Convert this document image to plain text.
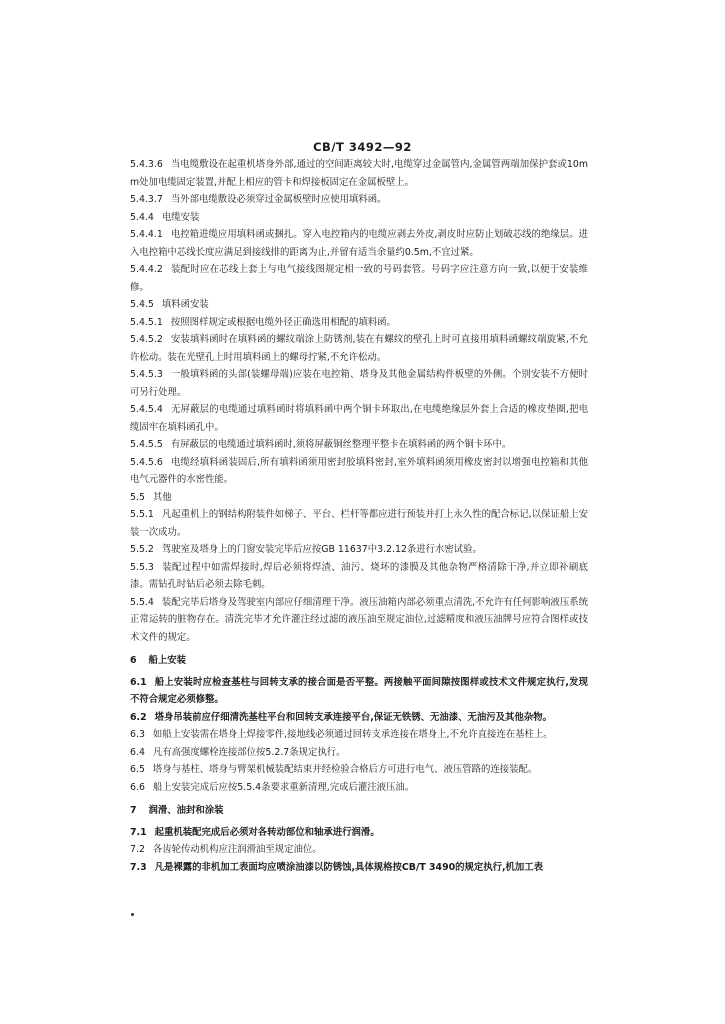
CB/T 3492—92
5.4.3.6 当电缆敷设在起重机塔身外部,通过的空间距离较大时,电缆穿过金属管内,金属管两端加保护套或10mm处加电缆固定装置,并配上相应的管卡和焊接板固定在金属板壁上。
5.4.3.7 当外部电缆敷设必须穿过金属板壁时应使用填料函。
5.4.4 电缆安装
5.4.4.1 电控箱进缆应用填料函或捆扎。穿入电控箱内的电缆应剥去外皮,剥皮时应防止划破芯线的绝缘层。进入电控箱中芯线长度应满足到接线排的距离为止,并留有适当余量约0.5m,不宜过紧。
5.4.4.2 装配时应在芯线上套上与电气接线图规定相一致的号码套管。号码字应注意方向一致,以便于安装维修。
5.4.5 填料函安装
5.4.5.1 按照图样规定或根据电缆外径正确选用相配的填料函。
5.4.5.2 安装填料函时在填料函的螺纹端涂上防锈剂,装在有螺纹的壁孔上时可直接用填料函螺纹端旋紧,不允许松动。装在光壁孔上时用填料函上的螺母拧紧,不允许松动。
5.4.5.3 一般填料函的头部(装螺母端)应装在电控箱、塔身及其他金属结构件板壁的外侧。个别安装不方便时可另行处理。
5.4.5.4 无屏蔽层的电缆通过填料函时将填料函中两个铜卡环取出,在电缆绝缘层外套上合适的橡皮垫圈,把电缆固牢在填料函孔中。
5.4.5.5 有屏蔽层的电缆通过填料函时,须将屏蔽铜丝整理平整卡在填料函的两个铜卡环中。
5.4.5.6 电缆经填料函装固后,所有填料函须用密封胶填料密封,室外填料函须用橡皮密封以增强电控箱和其他电气元器件的水密性能。
5.5 其他
5.5.1 凡起重机上的钢结构附装件如梯子、平台、栏杆等都应进行预装并打上永久性的配合标记,以保证船上安装一次成功。
5.5.2 驾驶室及塔身上的门窗安装完毕后应按GB 11637中3.2.12条进行水密试验。
5.5.3 装配过程中如需焊接时,焊后必须将焊渣、油污、烧坏的漆膜及其他杂物严格清除干净,并立即补刷底漆。需钻孔时钻后必须去除毛刺。
5.5.4 装配完毕后塔身及驾驶室内部应仔细清理干净。液压油箱内部必须重点清洗,不允许有任何影响液压系统正常运转的脏物存在。清洗完毕才允许灌注经过滤的液压油至规定油位,过滤精度和液压油牌号应符合图样或技术文件的规定。
6 船上安装
6.1 船上安装时应检查基柱与回转支承的接合面是否平整。两接触平面间隙按图样或技术文件规定执行,发现不符合规定必须修整。
6.2 塔身吊装前应仔细清洗基柱平台和回转支承连接平台,保证无铁锈、无油漆、无油污及其他杂物。
6.3 如船上安装需在塔身上焊接零件,接地线必须通过回转支承连接在塔身上,不允许直接连在基柱上。
6.4 凡有高强度螺栓连接部位按5.2.7条规定执行。
6.5 塔身与基柱、塔身与臂架机械装配结束并经检验合格后方可进行电气、液压管路的连接装配。
6.6 船上安装完成后应按5.5.4条要求重新清理,完成后灌注液压油。
7 润滑、油封和涂装
7.1 起重机装配完成后必须对各转动部位和轴承进行润滑。
7.2 各齿轮传动机构应注润滑油至规定油位。
7.3 凡是裸露的非机加工表面均应喷涂油漆以防锈蚀,具体规格按CB/T 3490的规定执行,机加工表
